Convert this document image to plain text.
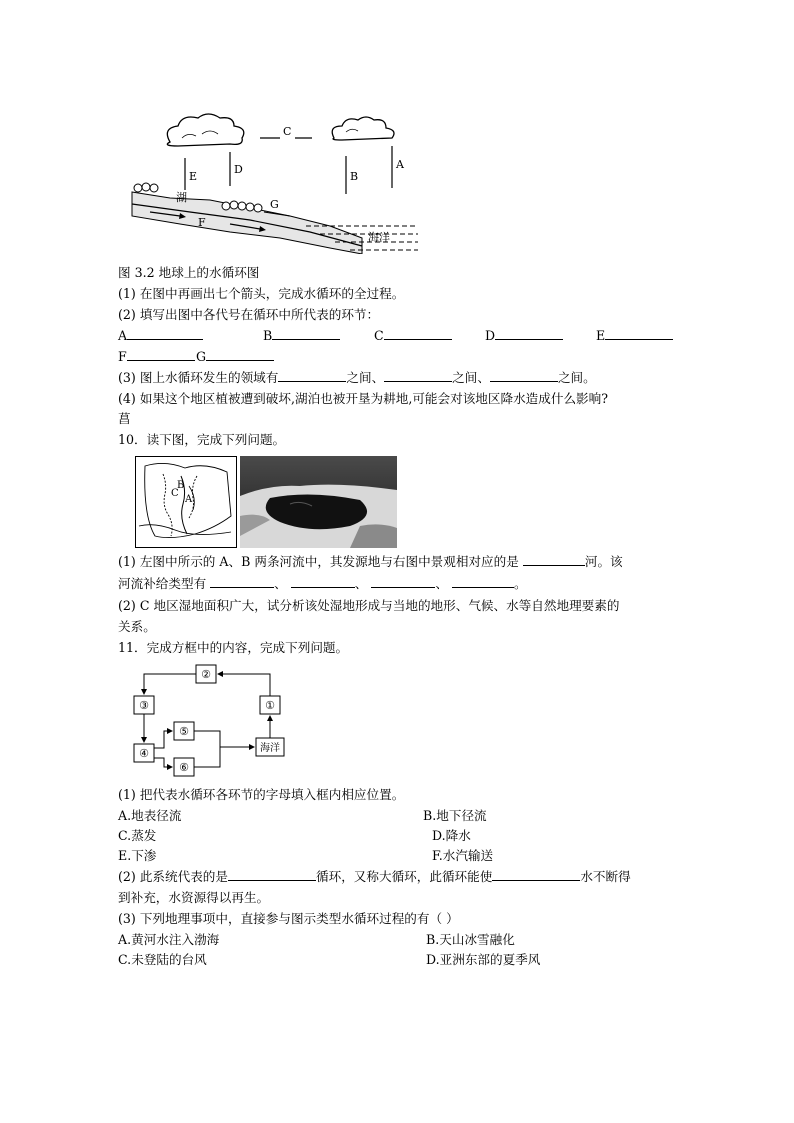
C
E
D
B
A
湖
G
F
海洋
图 3.2 地球上的水循环图
(1) 在图中再画出七个箭头，完成水循环的全过程。
(2) 填写出图中各代号在循环中所代表的环节：
A	B	C	D	E
F	G
(3) 图上水循环发生的领域有	之间、	之间、	之间。
(4) 如果这个地区植被遭到破坏,湖泊也被开垦为耕地,可能会对该地区降水造成什么影响?
菖
10．读下图，完成下列问题。
B
A
C
(1) 左图中所示的 A、B 两条河流中，其发源地与右图中景观相对应的是	河。该
河流补给类型有	、	、	、	。
(2) C 地区湿地面积广大，试分析该处湿地形成与当地的地形、气候、水等自然地理要素的
关系。
11．完成方框中的内容，完成下列问题。
②
③	①
⑤
④
⑥
海洋
(1) 把代表水循环各环节的字母填入框内相应位置。
A.地表径流	B.地下径流
C.蒸发	D.降水
E.下渗	F.水汽输送
(2) 此系统代表的是	循环，又称大循环，此循环能使	水不断得
到补充，水资源得以再生。
(3) 下列地理事项中，直接参与图示类型水循环过程的有（ ）
A.黄河水注入渤海	B.天山冰雪融化
C.未登陆的台风	D.亚洲东部的夏季风
